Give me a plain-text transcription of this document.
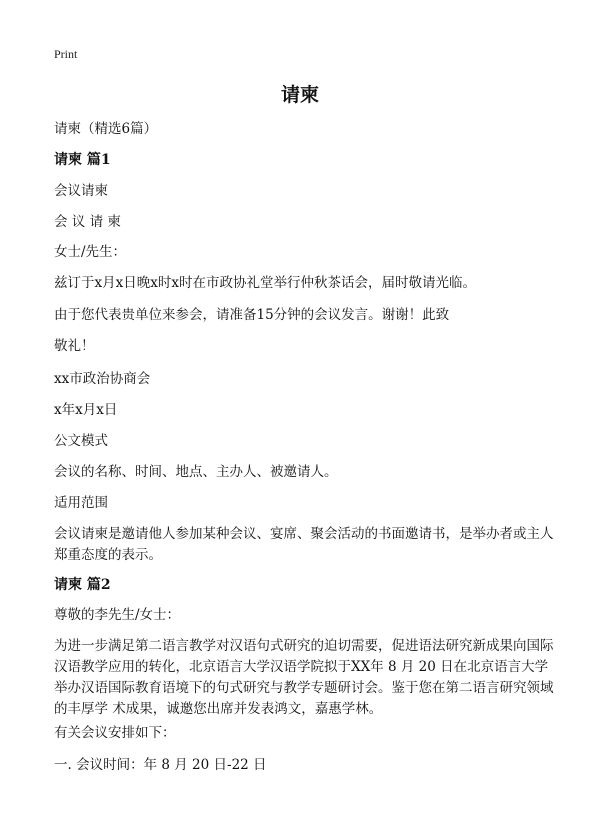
Print
请柬
请柬（精选6篇）
请柬 篇1
会议请柬
会 议 请 柬
女士/先生：
兹订于x月x日晚x时x时在市政协礼堂举行仲秋茶话会，届时敬请光临。
由于您代表贵单位来参会，请准备15分钟的会议发言。谢谢！此致
敬礼！
xx市政治协商会
x年x月x日
公文模式
会议的名称、时间、地点、主办人、被邀请人。
适用范围
会议请柬是邀请他人参加某种会议、宴席、聚会活动的书面邀请书，是举办者或主人郑重态度的表示。
请柬 篇2
尊敬的李先生/女士：
为进一步满足第二语言教学对汉语句式研究的迫切需要，促进语法研究新成果向国际汉语教学应用的转化，北京语言大学汉语学院拟于XX年 8 月 20 日在北京语言大学举办汉语国际教育语境下的句式研究与教学专题研讨会。鉴于您在第二语言研究领域的丰厚学 术成果，诚邀您出席并发表鸿文，嘉惠学林。
有关会议安排如下：
一. 会议时间：年 8 月 20 日-22 日
